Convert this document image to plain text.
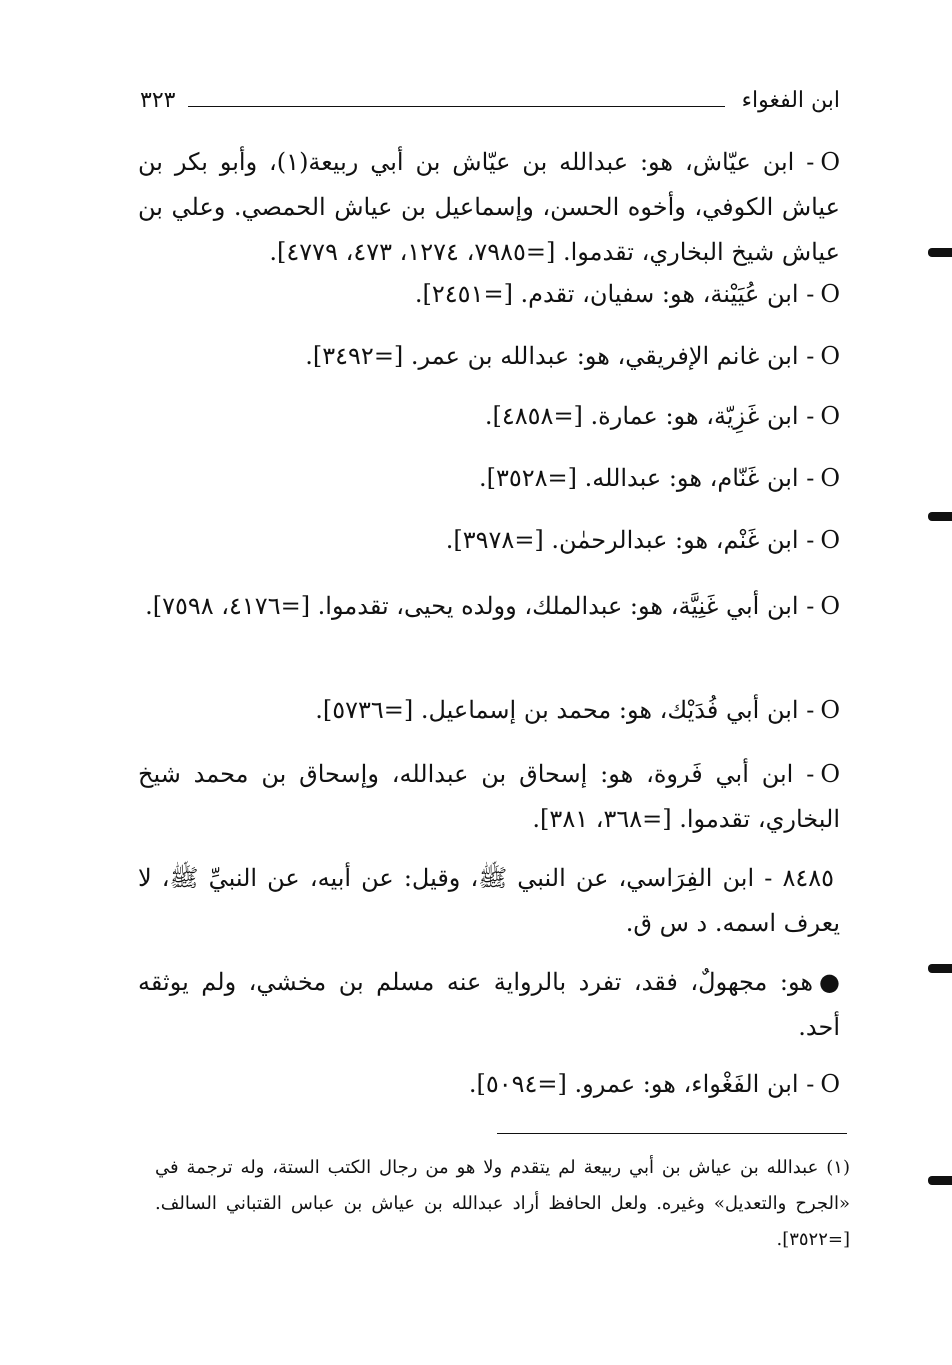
ابن الفغواء
٣٢٣
O- ابن عيّاش، هو: عبدالله بن عيّاش بن أبي ربيعة(١)، وأبو بكر بن عياش الكوفي، وأخوه الحسن، وإسماعيل بن عياش الحمصي. وعلي بن عياش شيخ البخاري، تقدموا. [=٧٩٨٥، ١٢٧٤، ٤٧٣، ٤٧٧٩].
O- ابن عُيَيْنة، هو: سفيان، تقدم. [=٢٤٥١].
O- ابن غانم الإفريقي، هو: عبدالله بن عمر. [=٣٤٩٢].
O- ابن غَزِيّة، هو: عمارة. [=٤٨٥٨].
O- ابن غَنّام، هو: عبدالله. [=٣٥٢٨].
O- ابن غَنْم، هو: عبدالرحمٰن. [=٣٩٧٨].
O- ابن أبي غَنِيَّة، هو: عبدالملك، وولده يحيى، تقدموا. [=٤١٧٦، ٧٥٩٨].
O- ابن أبي فُدَيْك، هو: محمد بن إسماعيل. [=٥٧٣٦].
O- ابن أبي فَروة، هو: إسحاق بن عبدالله، وإسحاق بن محمد شيخ البخاري، تقدموا. [=٣٦٨، ٣٨١].
٨٤٨٥ - ابن الفِرَاسي، عن النبي ﷺ، وقيل: عن أبيه، عن النبيِّ ﷺ، لا يعرف اسمه. د س ق.
●هو: مجهولٌ، فقد، تفرد بالرواية عنه مسلم بن مخشي، ولم يوثقه أحد.
O- ابن الفَغْواء، هو: عمرو. [=٥٠٩٤].
(١) عبدالله بن عياش بن أبي ربيعة لم يتقدم ولا هو من رجال الكتب الستة، وله ترجمة في «الجرح والتعديل» وغيره. ولعل الحافظ أراد عبدالله بن عياش بن عباس القتباني السالف. [=٣٥٢٢].
